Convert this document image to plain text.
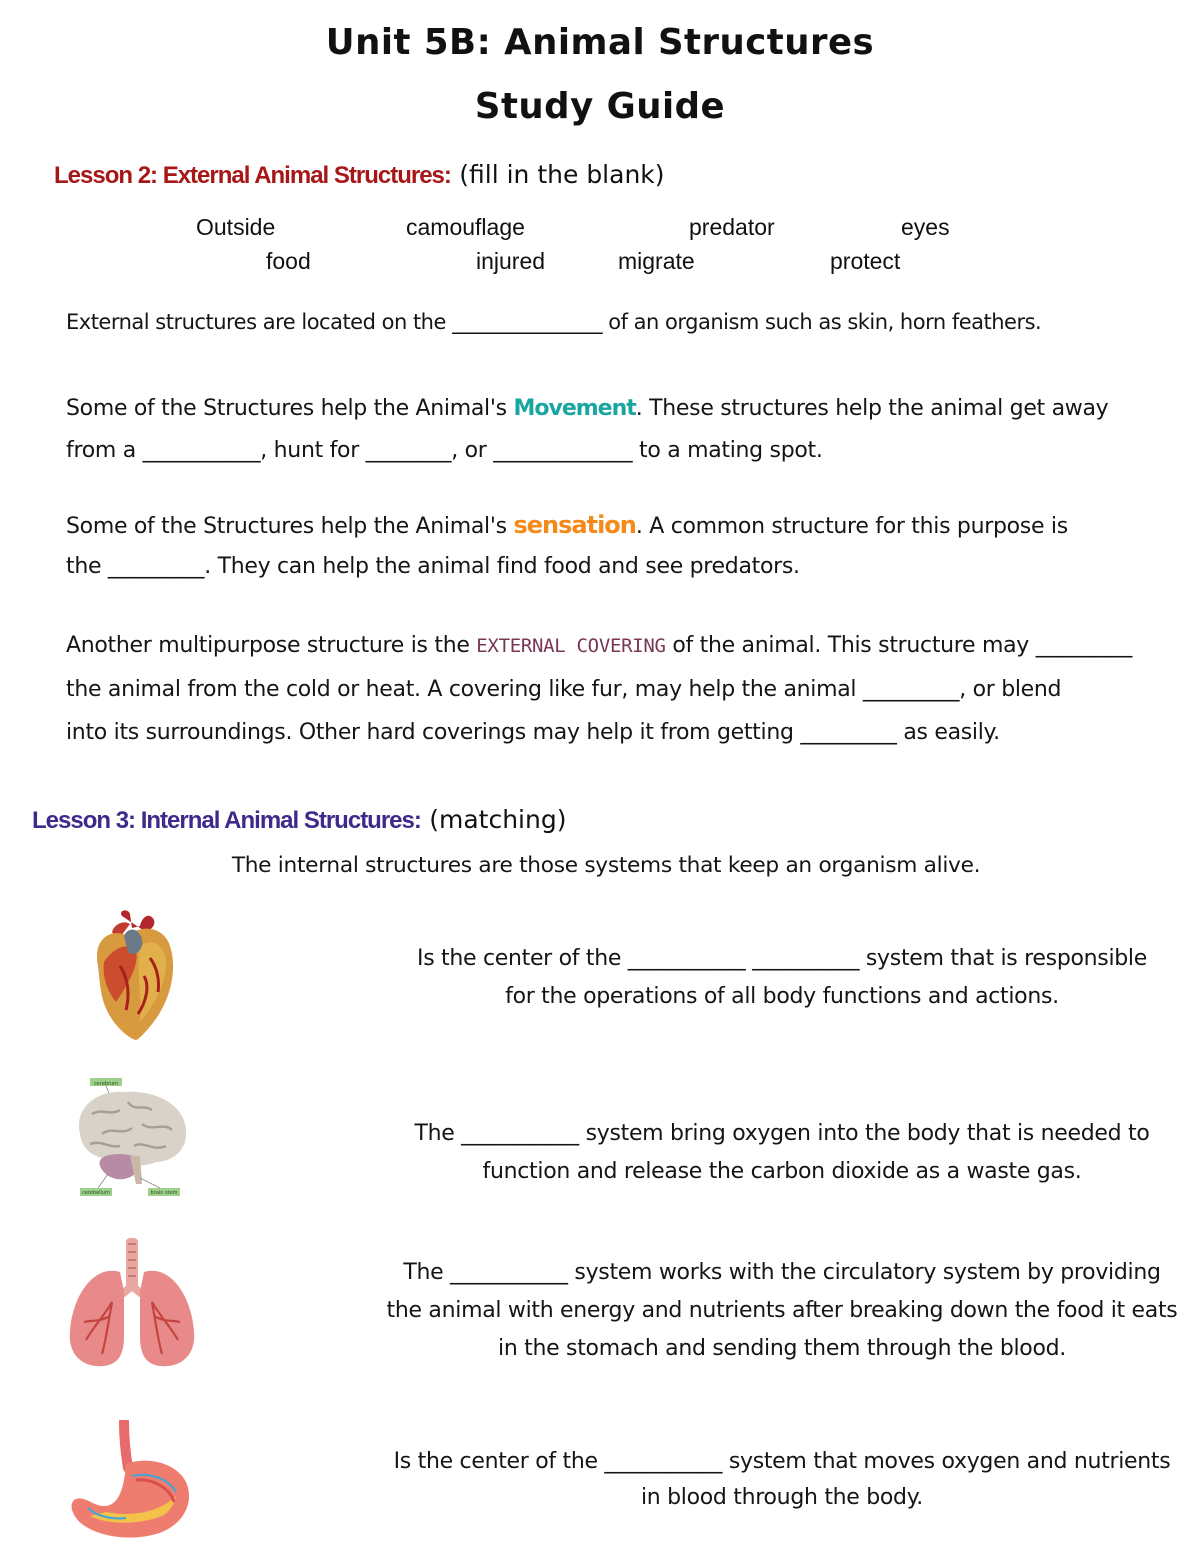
Unit 5B: Animal Structures
Study Guide
Lesson 2: External Animal Structures: (fill in the blank)
Outside	camouflage	predator	eyes
food	injured	migrate	protect
External structures are located on the _______________ of an organism such as skin, horn feathers.
Some of the Structures help the Animal's Movement. These structures help the animal get away
from a ___________, hunt for ________, or _____________ to a mating spot.
Some of the Structures help the Animal's sensation. A common structure for this purpose is
the _________. They can help the animal find food and see predators.
Another multipurpose structure is the EXTERNAL COVERING of the animal. This structure may _________
the animal from the cold or heat. A covering like fur, may help the animal _________, or blend
into its surroundings. Other hard coverings may help it from getting _________ as easily.
Lesson 3: Internal Animal Structures: (matching)
The internal structures are those systems that keep an organism alive.
cerebrum
cerebellum	brain stem
Is the center of the ___________ __________ system that is responsible
for the operations of all body functions and actions.
The ___________ system bring oxygen into the body that is needed to
function and release the carbon dioxide as a waste gas.
The ___________ system works with the circulatory system by providing
the animal with energy and nutrients after breaking down the food it eats
in the stomach and sending them through the blood.
Is the center of the ___________ system that moves oxygen and nutrients
in blood through the body.
